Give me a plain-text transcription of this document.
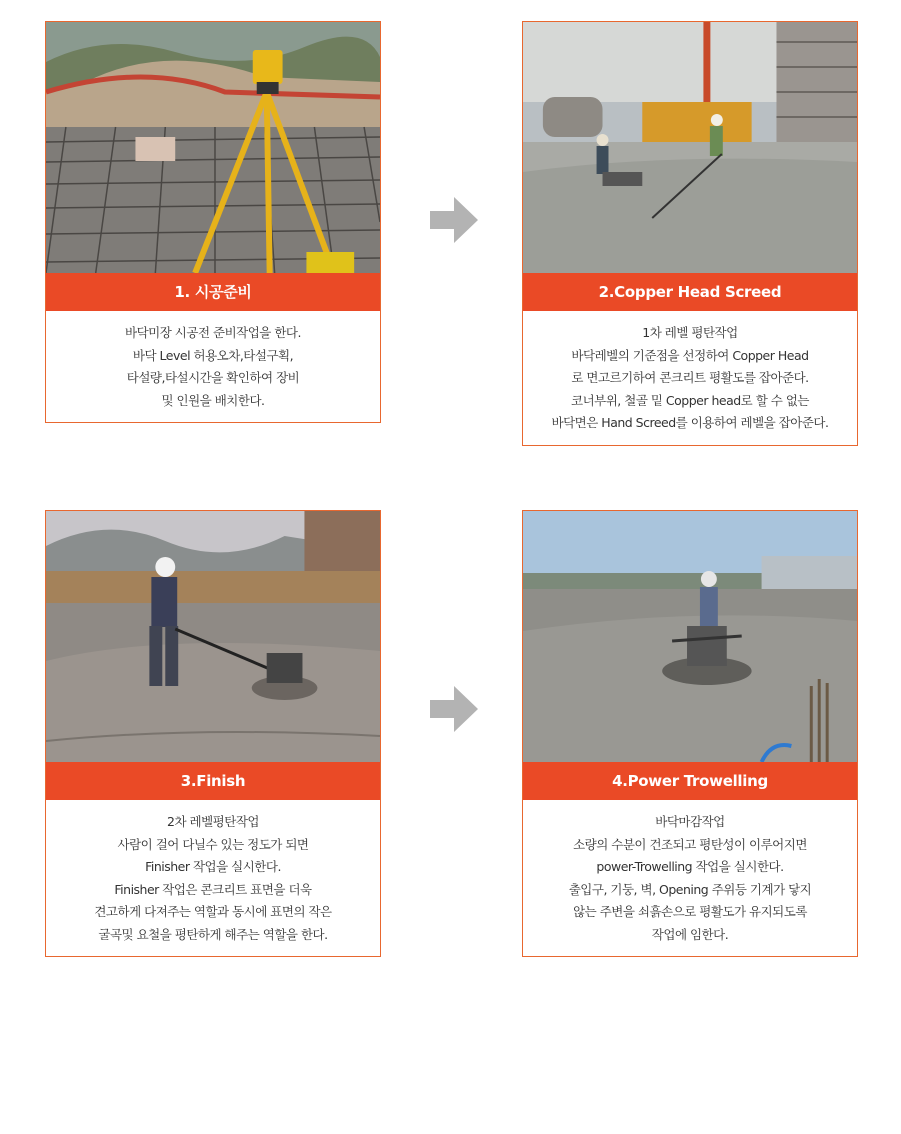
1. 시공준비
바닥미장 시공전 준비작업을 한다.
바닥 Level 허용오차,타설구획,
타설량,타설시간을 확인하여 장비
및 인원을 배치한다.
2.Copper Head Screed
1차 레벨 평탄작업
바닥레벨의 기준점을 선정하여 Copper Head
로 면고르기하여 콘크리트 평활도를 잡아준다.
코너부위, 철골 밑 Copper head로 할 수 없는
바닥면은 Hand Screed를 이용하여 레벨을 잡아준다.
3.Finish
2차 레벨평탄작업
사람이 걸어 다닐수 있는 정도가 되면
Finisher 작업을 실시한다.
Finisher 작업은 콘크리트 표면을 더욱
견고하게 다져주는 역할과 동시에 표면의 작은
굴곡및 요철을 평탄하게 해주는 역할을 한다.
4.Power Trowelling
바닥마감작업
소량의 수분이 건조되고 평탄성이 이루어지면
power-Trowelling 작업을 실시한다.
출입구, 기둥, 벽, Opening 주위등 기계가 닿지
않는 주변을 쇠흙손으로 평활도가 유지되도록
작업에 임한다.
